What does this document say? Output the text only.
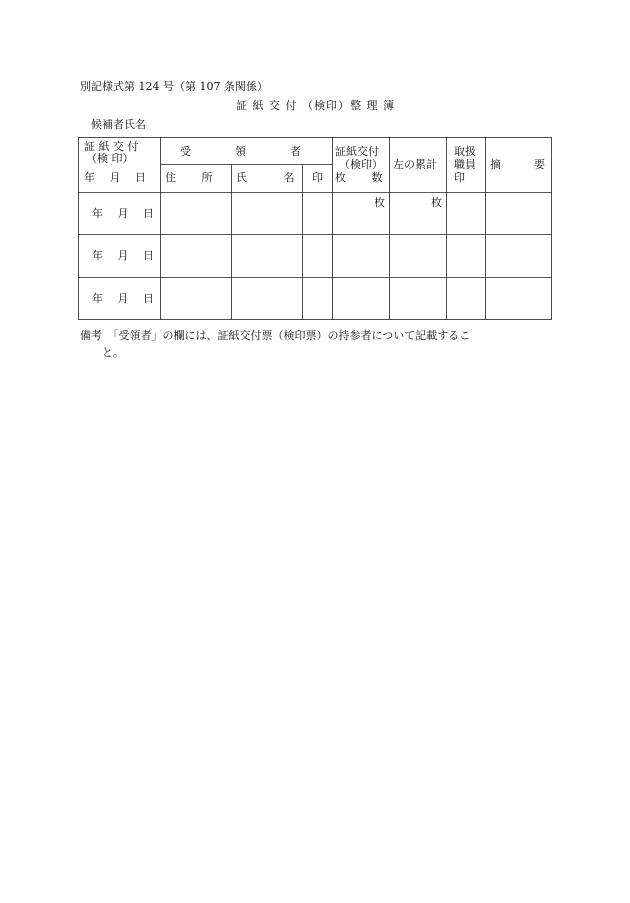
別記様式第 124 号（第 107 条関係）
証 紙 交 付 （検印）整 理 簿
候補者氏名
証 紙 交 付
（検 印）
年　 月　 日
受　　　　領　　　　者
住　　 所 氏　　　 名 印
証紙交付
（検印）
枚　　 数
左の累計
取扱
職員
印
摘　　　要
年　 月　 日
枚	枚
年　 月　 日
年　 月　 日
備考　「受領者」の欄には、証紙交付票（検印票）の持参者について記載するこ
と。
